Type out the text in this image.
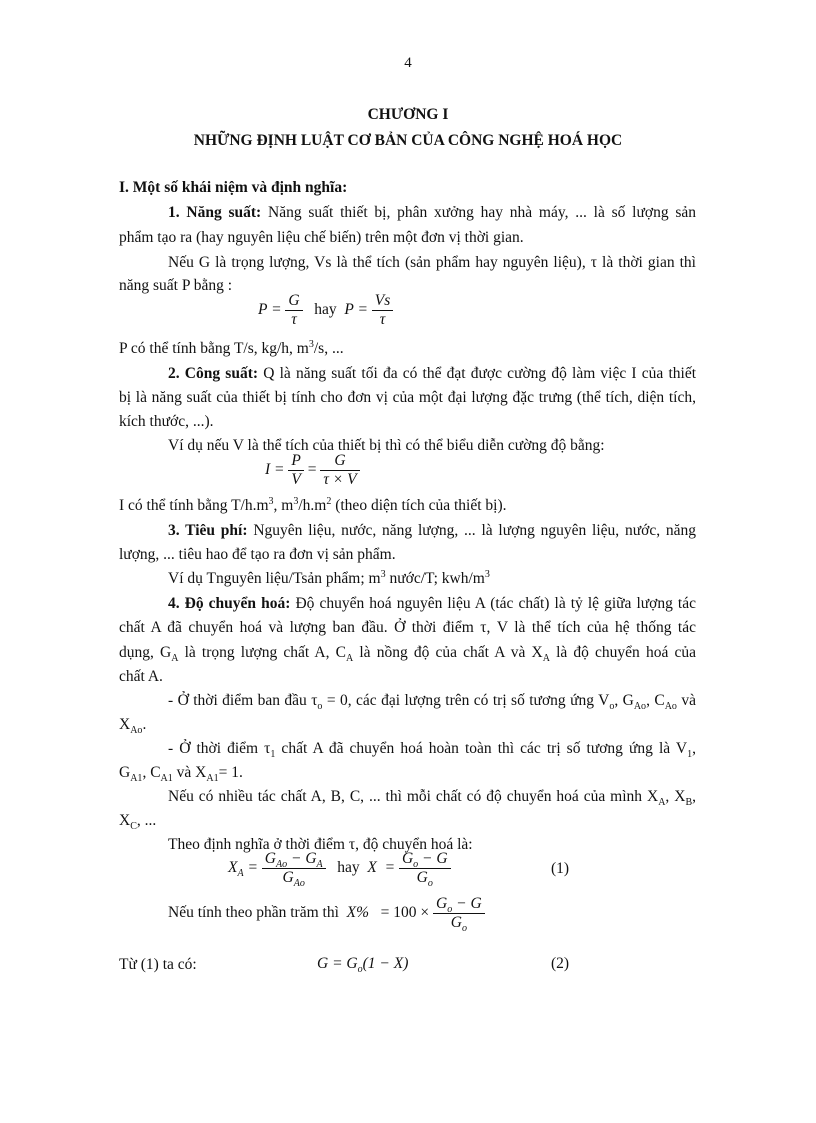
4
CHƯƠNG I
NHỮNG ĐỊNH LUẬT CƠ BẢN CỦA CÔNG NGHỆ HOÁ HỌC
I. Một số khái niệm và định nghĩa:
1. Năng suất: Năng suất thiết bị, phân xưởng hay nhà máy, ... là số lượng sản
phẩm tạo ra (hay nguyên liệu chế biến) trên một đơn vị thời gian.
Nếu G là trọng lượng, Vs là thể tích (sản phẩm hay nguyên liệu), τ là thời gian thì
năng suất P bằng :
$P = \frac{G}{\tau}$ hay $P = \frac{Vs}{\tau}$
P có thể tính bằng T/s, kg/h, $m^3/s$, ...
2. Công suất: Q là năng suất tối đa có thể đạt được cường độ làm việc I của thiết
bị là năng suất của thiết bị tính cho đơn vị của một đại lượng đặc trưng (thể tích, diện tích,
kích thước, ...).
Ví dụ nếu V là thể tích của thiết bị thì có thể biểu diễn cường độ bằng:
$I = \frac{P}{V} = \frac{G}{\tau \times V}$
I có thể tính bằng $T/h.m^3$, $m^3/h.m^2$ (theo diện tích của thiết bị).
3. Tiêu phí: Nguyên liệu, nước, năng lượng, ... là lượng nguyên liệu, nước, năng
lượng, ... tiêu hao để tạo ra đơn vị sản phẩm.
Ví dụ Tnguyên liệu/Tsản phẩm; $m^3$ nước/T; kwh/$m^3$
4. Độ chuyển hoá: Độ chuyển hoá nguyên liệu A (tác chất) là tỷ lệ giữa lượng tác
chất A đã chuyển hoá và lượng ban đầu. Ở thời điểm τ, V là thể tích của hệ thống tác
dụng, $G_A$ là trọng lượng chất A, $C_A$ là nồng độ của chất A và $X_A$ là độ chuyển hoá của
chất A.
- Ở thời điểm ban đầu $\tau_o = 0$, các đại lượng trên có trị số tương ứng $V_o$, $G_{Ao}$, $C_{Ao}$ và
$X_{Ao}$.
- Ở thời điểm $\tau_1$ chất A đã chuyển hoá hoàn toàn thì các trị số tương ứng là $V_1$,
$G_{A1}$, $C_{A1}$ và $X_{A1}= 1$.
Nếu có nhiều tác chất A, B, C, ... thì mỗi chất có độ chuyển hoá của mình $X_A$, $X_B$,
$X_C$, ...
Theo định nghĩa ở thời điểm τ, độ chuyển hoá là:
$X_A = \frac{G_{Ao} - G_A}{G_{Ao}}$ hay $X = \frac{G_o - G}{G_o}$	(1)
Nếu tính theo phần trăm thì $X\% = 100 \times \frac{G_o - G}{G_o}$
Từ (1) ta có:	$G = G_o(1 - X)$	(2)
